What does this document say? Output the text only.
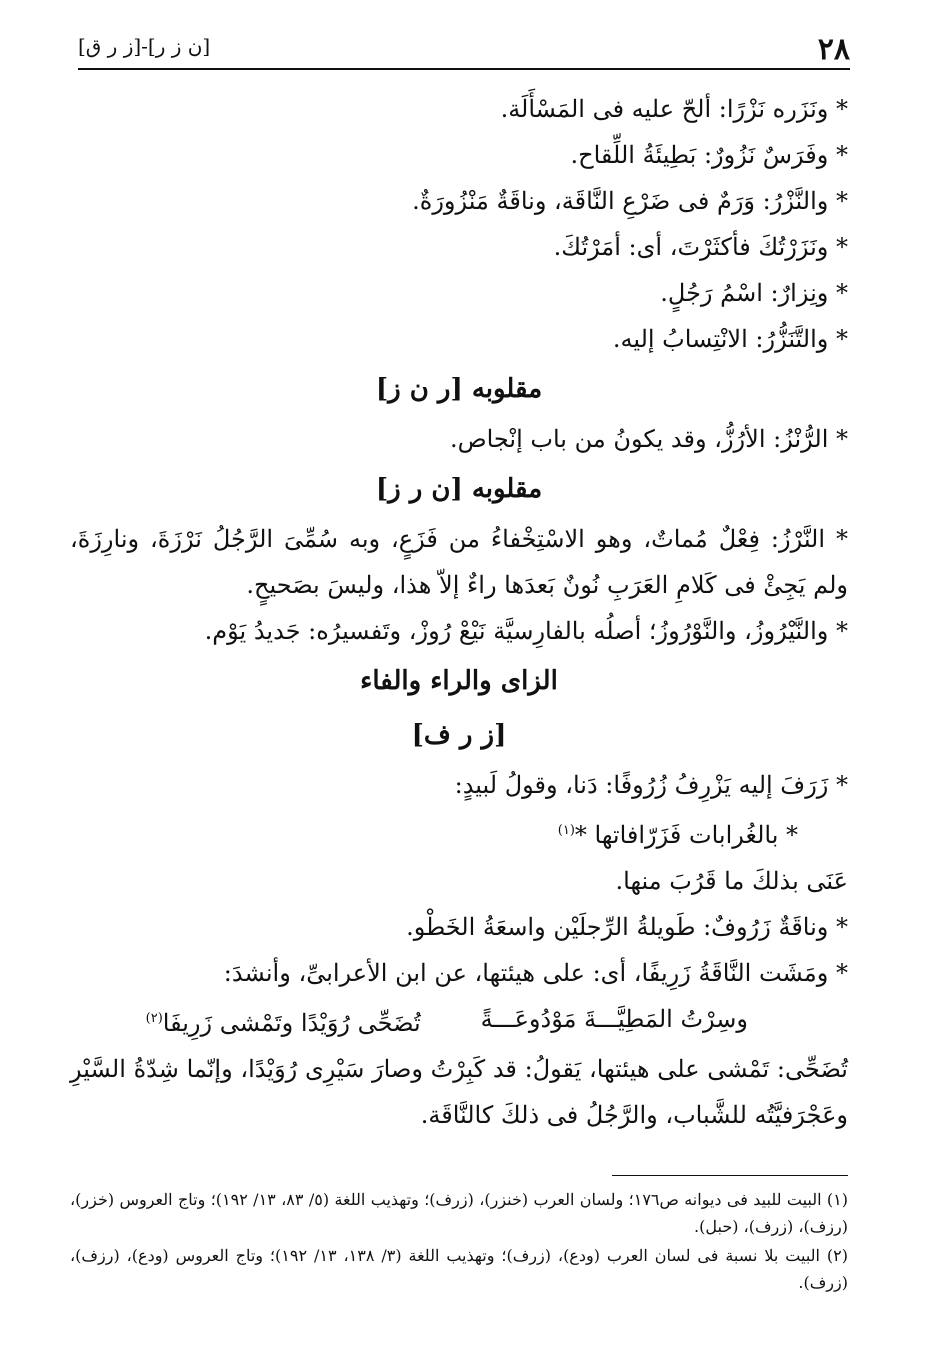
٢٨
[ن ز ر]-[ز ر ق]
* ونَزَره نَزْرًا: ألحّ عليه فى المَسْأَلَة.
* وفَرَسٌ نَزُورٌ: بَطِيئَةُ اللِّقاح.
* والنَّزْرُ: وَرَمٌ فى ضَرْعِ النَّاقَة، وناقَةٌ مَنْزُورَةٌ.
* ونَزَرْتُكَ فأكثَرْتَ، أى: أمَرْتُكَ.
* ونِزارٌ: اسْمُ رَجُلٍ.
* والتَّنَزُّرُ: الانْتِسابُ إليه.
مقلوبه [ر ن ز]
* الرُّنْزُ: الأرُزُّ، وقد يكونُ من باب إنْجاص.
مقلوبه [ن ر ز]
* النَّرْزُ: فِعْلٌ مُماتٌ، وهو الاسْتِخْفاءُ من فَزَعٍ، وبه سُمِّىَ الرَّجُلُ نَرْزَةَ، ونارِزَةَ، ولم يَجِئْ فى كَلامِ العَرَبِ نُونٌ بَعدَها راءٌ إلاّ هذا، وليسَ بصَحيحٍ.
* والنَّيْرُوزُ، والنَّوْرُوزُ؛ أصلُه بالفارِسيَّة نَيْعْ رُوزْ، وتَفسيرُه: جَديدُ يَوْم.
الزاى والراء والفاء
[ز ر ف]
* زَرَفَ إليه يَزْرِفُ زُرُوفًا: دَنا، وقولُ لَبيدٍ:
* بالغُرابات فَزَرّافاتها *$^{(١)}$
عَنَى بذلكَ ما قَرُبَ منها.
* وناقَةٌ زَرُوفٌ: طَويلةُ الرِّجلَيْن واسعَةُ الخَطْو.
* ومَشَت النَّاقَةُ زَرِيفًا، أى: على هيئتها، عن ابن الأعرابىِّ، وأنشدَ:
وسِرْتُ المَطِيَّـــةَ مَوْدُوعَـــةً
تُضَحِّى رُوَيْدًا وتَمْشى زَرِيفَا$^{(٢)}$
تُضَحِّى: تَمْشى على هيئتها، يَقولُ: قد كَبِرْتُ وصارَ سَيْرِى رُوَيْدًا، وإنّما شِدّةُ السَّيْرِ وعَجْرَفيَّتُه للشَّباب، والرَّجُلُ فى ذلكَ كالنَّاقَة.
(١) البيت للبيد فى ديوانه ص١٧٦؛ ولسان العرب (خنزر)، (زرف)؛ وتهذيب اللغة (٥/ ٨٣، ١٣/ ١٩٢)؛ وتاج العروس (خزر)، (رزف)، (زرف)، (حبل).
(٢) البيت بلا نسبة فى لسان العرب (ودع)، (زرف)؛ وتهذيب اللغة (٣/ ١٣٨، ١٣/ ١٩٢)؛ وتاج العروس (ودع)، (رزف)، (زرف).
